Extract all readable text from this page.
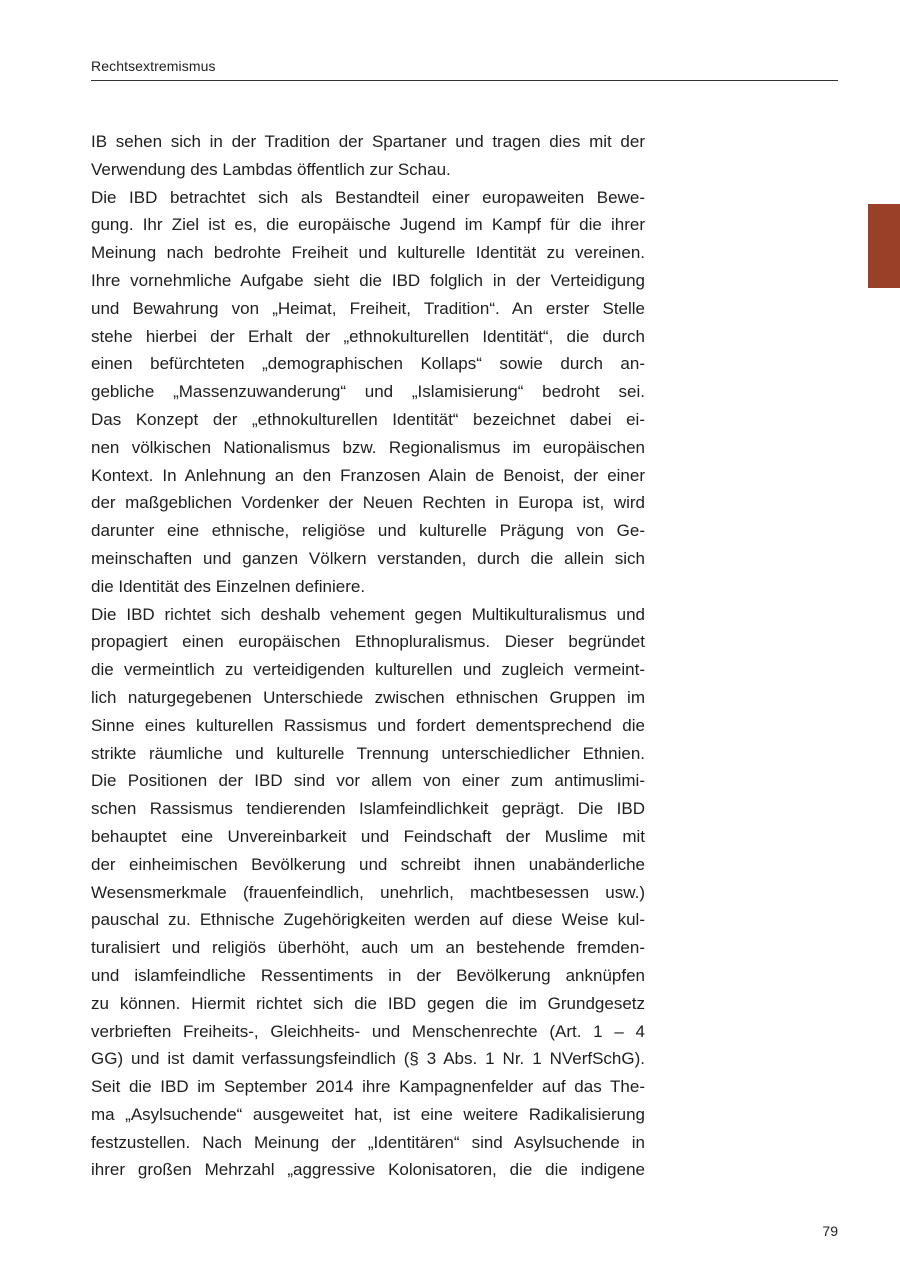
Rechtsextremismus
IB sehen sich in der Tradition der Spartaner und tragen dies mit der
Verwendung des Lambdas öffentlich zur Schau.
Die IBD betrachtet sich als Bestandteil einer europaweiten Bewe-
gung. Ihr Ziel ist es, die europäische Jugend im Kampf für die ihrer
Meinung nach bedrohte Freiheit und kulturelle Identität zu vereinen.
Ihre vornehmliche Aufgabe sieht die IBD folglich in der Verteidigung
und Bewahrung von „Heimat, Freiheit, Tradition“. An erster Stelle
stehe hierbei der Erhalt der „ethnokulturellen Identität“, die durch
einen befürchteten „demographischen Kollaps“ sowie durch an-
gebliche „Massenzuwanderung“ und „Islamisierung“ bedroht sei.
Das Konzept der „ethnokulturellen Identität“ bezeichnet dabei ei-
nen völkischen Nationalismus bzw. Regionalismus im europäischen
Kontext. In Anlehnung an den Franzosen Alain de Benoist, der einer
der maßgeblichen Vordenker der Neuen Rechten in Europa ist, wird
darunter eine ethnische, religiöse und kulturelle Prägung von Ge-
meinschaften und ganzen Völkern verstanden, durch die allein sich
die Identität des Einzelnen definiere.
Die IBD richtet sich deshalb vehement gegen Multikulturalismus und
propagiert einen europäischen Ethnopluralismus. Dieser begründet
die vermeintlich zu verteidigenden kulturellen und zugleich vermeint-
lich naturgegebenen Unterschiede zwischen ethnischen Gruppen im
Sinne eines kulturellen Rassismus und fordert dementsprechend die
strikte räumliche und kulturelle Trennung unterschiedlicher Ethnien.
Die Positionen der IBD sind vor allem von einer zum antimuslimi-
schen Rassismus tendierenden Islamfeindlichkeit geprägt. Die IBD
behauptet eine Unvereinbarkeit und Feindschaft der Muslime mit
der einheimischen Bevölkerung und schreibt ihnen unabänderliche
Wesensmerkmale (frauenfeindlich, unehrlich, machtbesessen usw.)
pauschal zu. Ethnische Zugehörigkeiten werden auf diese Weise kul-
turalisiert und religiös überhöht, auch um an bestehende fremden-
und islamfeindliche Ressentiments in der Bevölkerung anknüpfen
zu können. Hiermit richtet sich die IBD gegen die im Grundgesetz
verbrieften Freiheits-, Gleichheits- und Menschenrechte (Art. 1 – 4
GG) und ist damit verfassungsfeindlich (§ 3 Abs. 1 Nr. 1 NVerfSchG).
Seit die IBD im September 2014 ihre Kampagnenfelder auf das The-
ma „Asylsuchende“ ausgeweitet hat, ist eine weitere Radikalisierung
festzustellen. Nach Meinung der „Identitären“ sind Asylsuchende in
ihrer großen Mehrzahl „aggressive Kolonisatoren, die die indigene
79
